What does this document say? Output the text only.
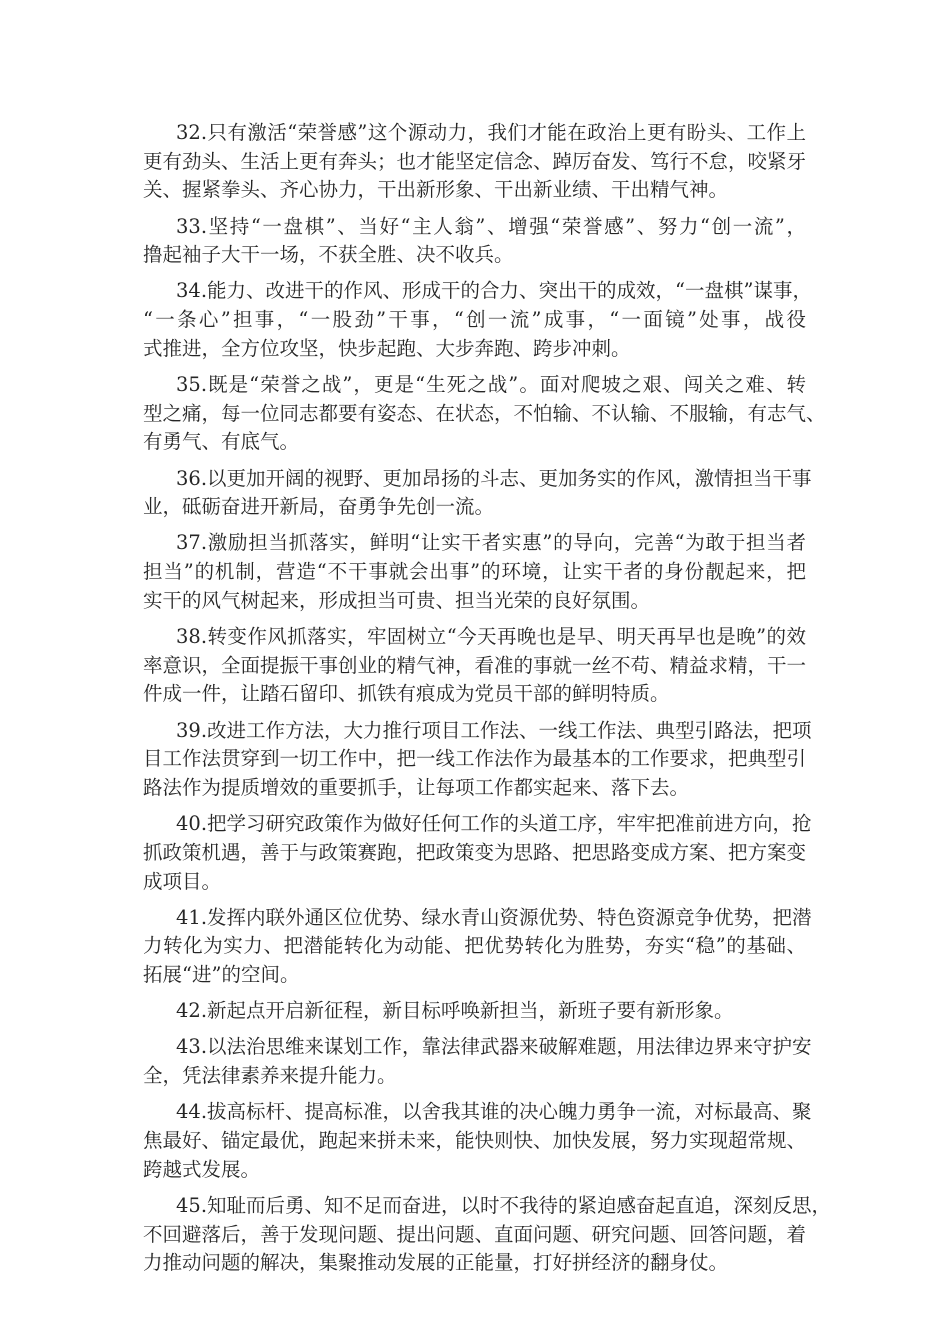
32.只有激活“荣誉感”这个源动力，我们才能在政治上更有盼头、工作上
更有劲头、生活上更有奔头；也才能坚定信念、踔厉奋发、笃行不怠，咬紧牙
关、握紧拳头、齐心协力，干出新形象、干出新业绩、干出精气神。
33.坚持“一盘棋”、当好“主人翁”、增强“荣誉感”、努力“创一流”，
撸起袖子大干一场，不获全胜、决不收兵。
34.能力、改进干的作风、形成干的合力、突出干的成效，“一盘棋”谋事，
“一条心”担事，“一股劲”干事，“创一流”成事，“一面镜”处事，战役
式推进，全方位攻坚，快步起跑、大步奔跑、跨步冲刺。
35.既是“荣誉之战”，更是“生死之战”。面对爬坡之艰、闯关之难、转
型之痛，每一位同志都要有姿态、在状态，不怕输、不认输、不服输，有志气、
有勇气、有底气。
36.以更加开阔的视野、更加昂扬的斗志、更加务实的作风，激情担当干事
业，砥砺奋进开新局，奋勇争先创一流。
37.激励担当抓落实，鲜明“让实干者实惠”的导向，完善“为敢于担当者
担当”的机制，营造“不干事就会出事”的环境，让实干者的身份靓起来，把
实干的风气树起来，形成担当可贵、担当光荣的良好氛围。
38.转变作风抓落实，牢固树立“今天再晚也是早、明天再早也是晚”的效
率意识，全面提振干事创业的精气神，看准的事就一丝不苟、精益求精，干一
件成一件，让踏石留印、抓铁有痕成为党员干部的鲜明特质。
39.改进工作方法，大力推行项目工作法、一线工作法、典型引路法，把项
目工作法贯穿到一切工作中，把一线工作法作为最基本的工作要求，把典型引
路法作为提质增效的重要抓手，让每项工作都实起来、落下去。
40.把学习研究政策作为做好任何工作的头道工序，牢牢把准前进方向，抢
抓政策机遇，善于与政策赛跑，把政策变为思路、把思路变成方案、把方案变
成项目。
41.发挥内联外通区位优势、绿水青山资源优势、特色资源竞争优势，把潜
力转化为实力、把潜能转化为动能、把优势转化为胜势，夯实“稳”的基础、
拓展“进”的空间。
42.新起点开启新征程，新目标呼唤新担当，新班子要有新形象。
43.以法治思维来谋划工作，靠法律武器来破解难题，用法律边界来守护安
全，凭法律素养来提升能力。
44.拔高标杆、提高标准，以舍我其谁的决心魄力勇争一流，对标最高、聚
焦最好、锚定最优，跑起来拼未来，能快则快、加快发展，努力实现超常规、
跨越式发展。
45.知耻而后勇、知不足而奋进，以时不我待的紧迫感奋起直追，深刻反思，
不回避落后，善于发现问题、提出问题、直面问题、研究问题、回答问题，着
力推动问题的解决，集聚推动发展的正能量，打好拼经济的翻身仗。
